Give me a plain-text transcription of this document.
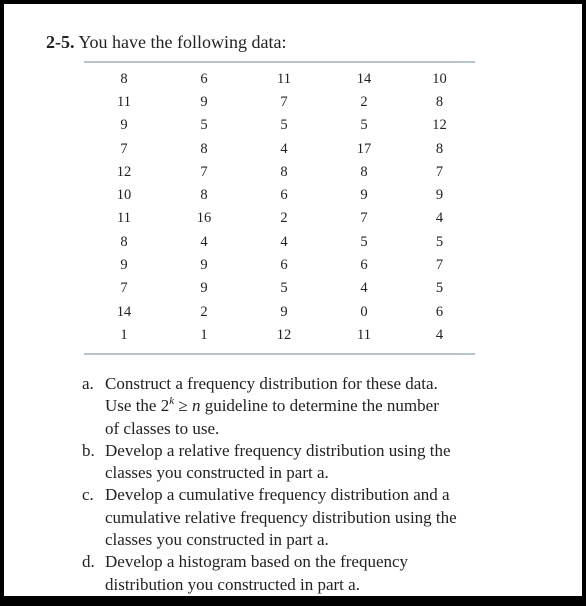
2-5. You have the following data:
8	6	11	14	10
11	9	7	2	8
9	5	5	5	12
7	8	4	17	8
12	7	8	8	7
10	8	6	9	9
11	16	2	7	4
8	4	4	5	5
9	9	6	6	7
7	9	5	4	5
14	2	9	0	6
1	1	12	11	4
a. Construct a frequency distribution for these data.
Use the $2^k \ge n$ guideline to determine the number
of classes to use.
b. Develop a relative frequency distribution using the
classes you constructed in part a.
c. Develop a cumulative frequency distribution and a
cumulative relative frequency distribution using the
classes you constructed in part a.
d. Develop a histogram based on the frequency
distribution you constructed in part a.
